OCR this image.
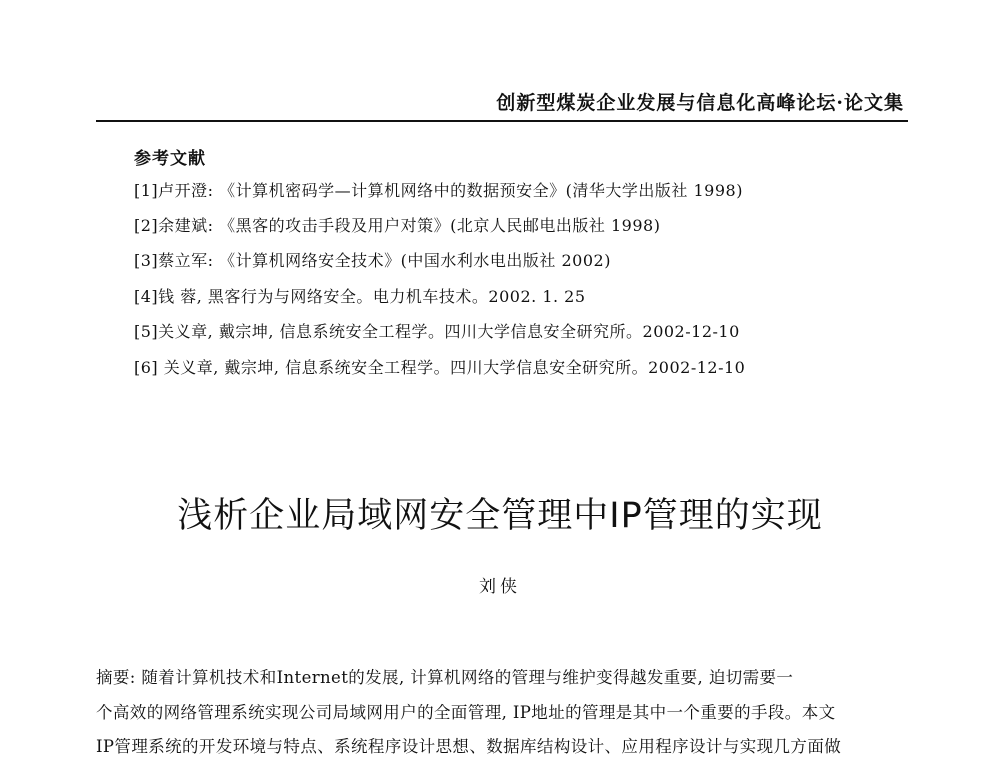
创新型煤炭企业发展与信息化高峰论坛·论文集
参考文献
[1]卢开澄: 《计算机密码学—计算机网络中的数据预安全》(清华大学出版社 1998)
[2]余建斌: 《黑客的攻击手段及用户对策》(北京人民邮电出版社 1998)
[3]蔡立军: 《计算机网络安全技术》(中国水利水电出版社 2002)
[4]钱 蓉, 黑客行为与网络安全。电力机车技术。2002. 1. 25
[5]关义章, 戴宗坤, 信息系统安全工程学。四川大学信息安全研究所。2002-12-10
[6] 关义章, 戴宗坤, 信息系统安全工程学。四川大学信息安全研究所。2002-12-10
浅析企业局域网安全管理中IP管理的实现
刘侠
摘要: 随着计算机技术和Internet的发展, 计算机网络的管理与维护变得越发重要, 迫切需要一
个高效的网络管理系统实现公司局域网用户的全面管理, IP地址的管理是其中一个重要的手段。本文
IP管理系统的开发环境与特点、系统程序设计思想、数据库结构设计、应用程序设计与实现几方面做
